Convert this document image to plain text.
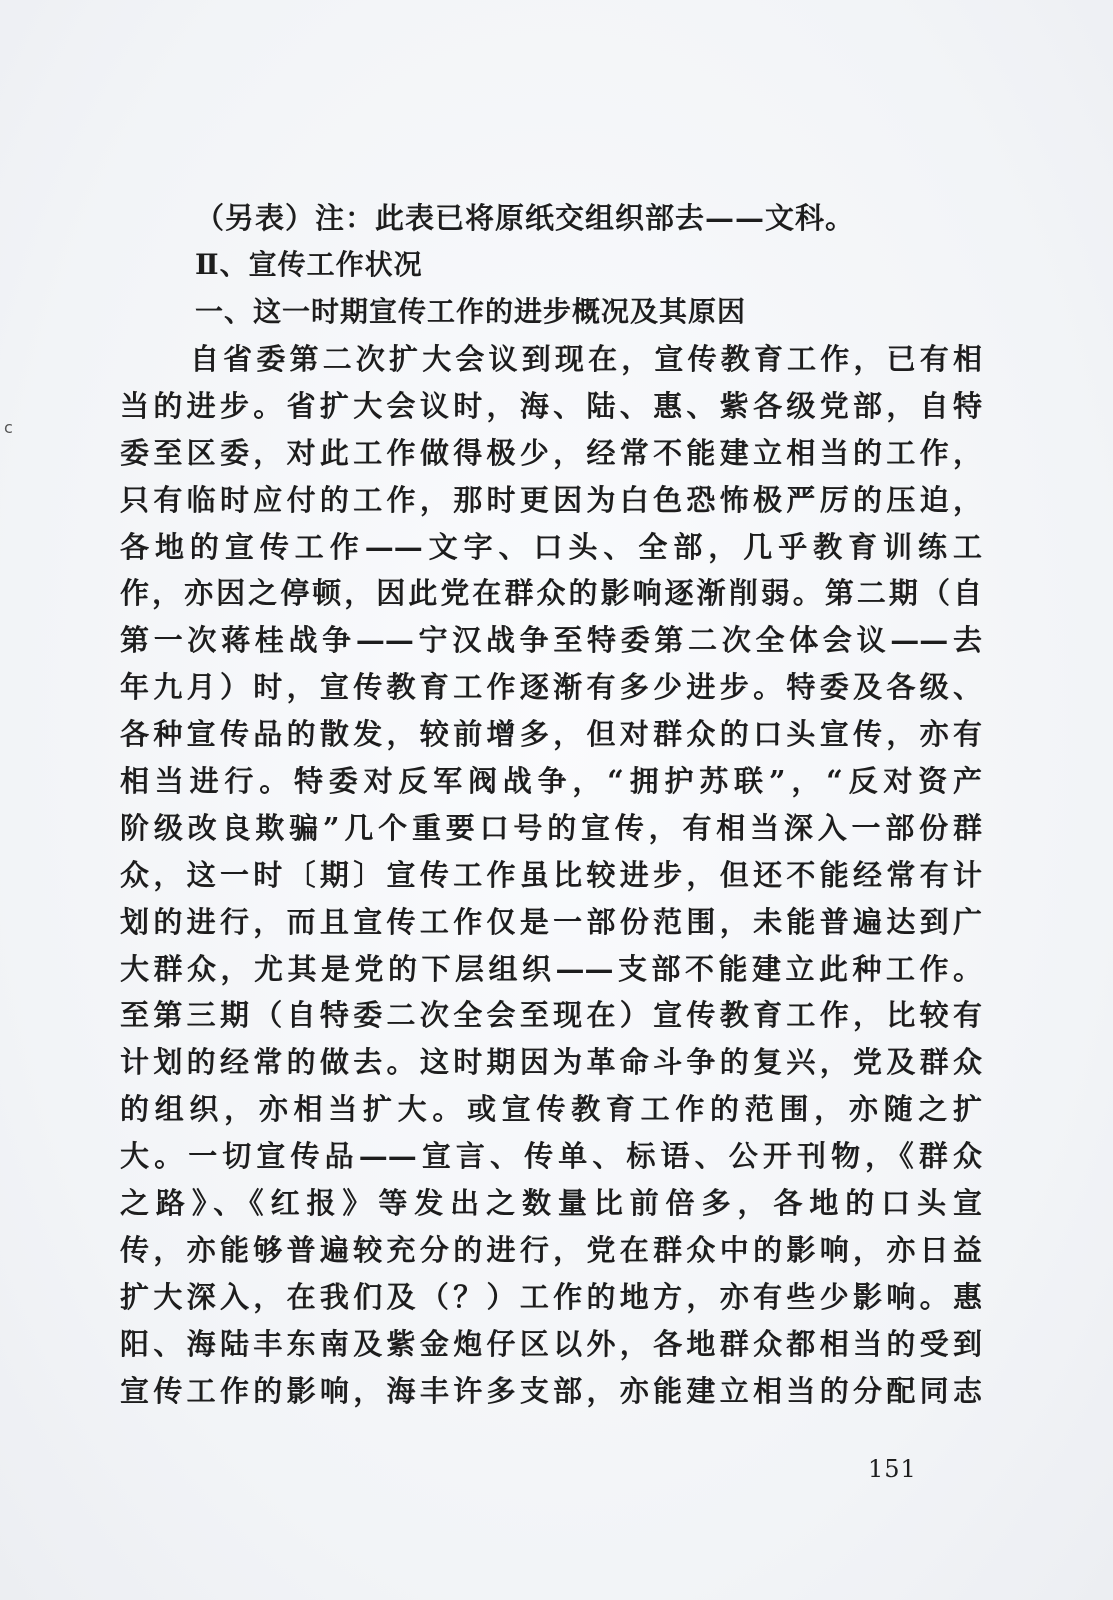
c
（另表）注：此表已将原纸交组织部去——文科。
Ⅱ、宣传工作状况
一、这一时期宣传工作的进步概况及其原因
自省委第二次扩大会议到现在，宣传教育工作，已有相
当的进步。省扩大会议时，海、陆、惠、紫各级党部，自特
委至区委，对此工作做得极少，经常不能建立相当的工作，
只有临时应付的工作，那时更因为白色恐怖极严厉的压迫，
各地的宣传工作——文字、口头、全部，几乎教育训练工
作，亦因之停顿，因此党在群众的影响逐渐削弱。第二期（自
第一次蒋桂战争——宁汉战争至特委第二次全体会议——去
年九月）时，宣传教育工作逐渐有多少进步。特委及各级、
各种宣传品的散发，较前增多，但对群众的口头宣传，亦有
相当进行。特委对反军阀战争，“拥护苏联”，“反对资产
阶级改良欺骗”几个重要口号的宣传，有相当深入一部份群
众，这一时〔期〕宣传工作虽比较进步，但还不能经常有计
划的进行，而且宣传工作仅是一部份范围，未能普遍达到广
大群众，尤其是党的下层组织——支部不能建立此种工作。
至第三期（自特委二次全会至现在）宣传教育工作，比较有
计划的经常的做去。这时期因为革命斗争的复兴，党及群众
的组织，亦相当扩大。或宣传教育工作的范围，亦随之扩
大。一切宣传品——宣言、传单、标语、公开刊物，《群众
之路》、《红报》等发出之数量比前倍多，各地的口头宣
传，亦能够普遍较充分的进行，党在群众中的影响，亦日益
扩大深入，在我们及（？）工作的地方，亦有些少影响。惠
阳、海陆丰东南及紫金炮仔区以外，各地群众都相当的受到
宣传工作的影响，海丰许多支部，亦能建立相当的分配同志
151
